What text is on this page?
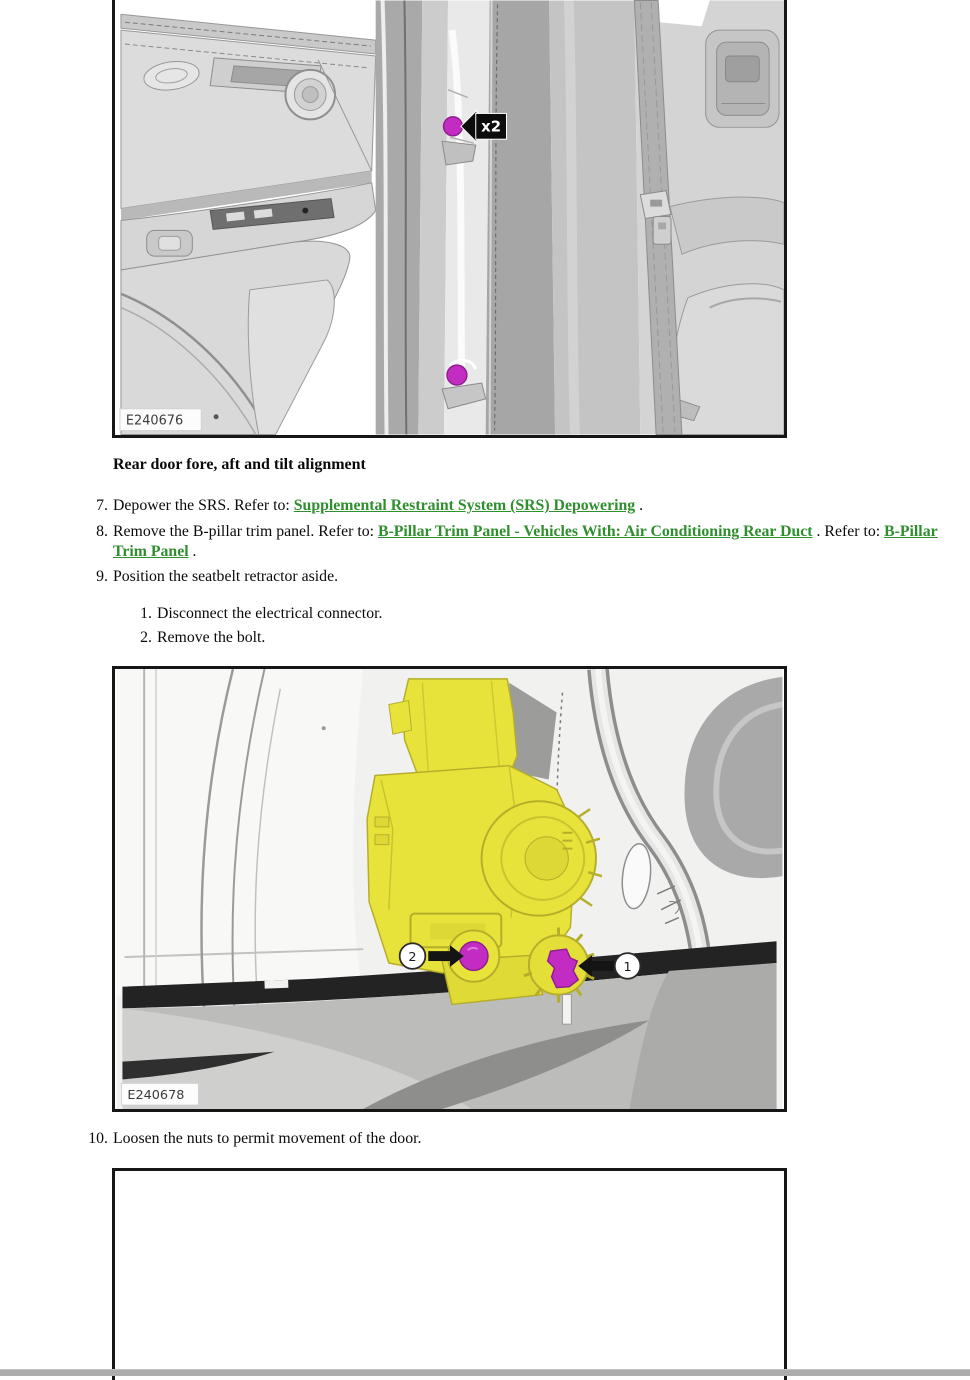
x2
E240676
Rear door fore, aft and tilt alignment
7. Depower the SRS. Refer to: Supplemental Restraint System (SRS) Depowering .
8. Remove the B-pillar trim panel. Refer to: B-Pillar Trim Panel - Vehicles With: Air Conditioning Rear Duct . Refer to: B-Pillar Trim Panel .
9. Position the seatbelt retractor aside.
1. Disconnect the electrical connector.
2. Remove the bolt.
2
1
E240678
10. Loosen the nuts to permit movement of the door.
